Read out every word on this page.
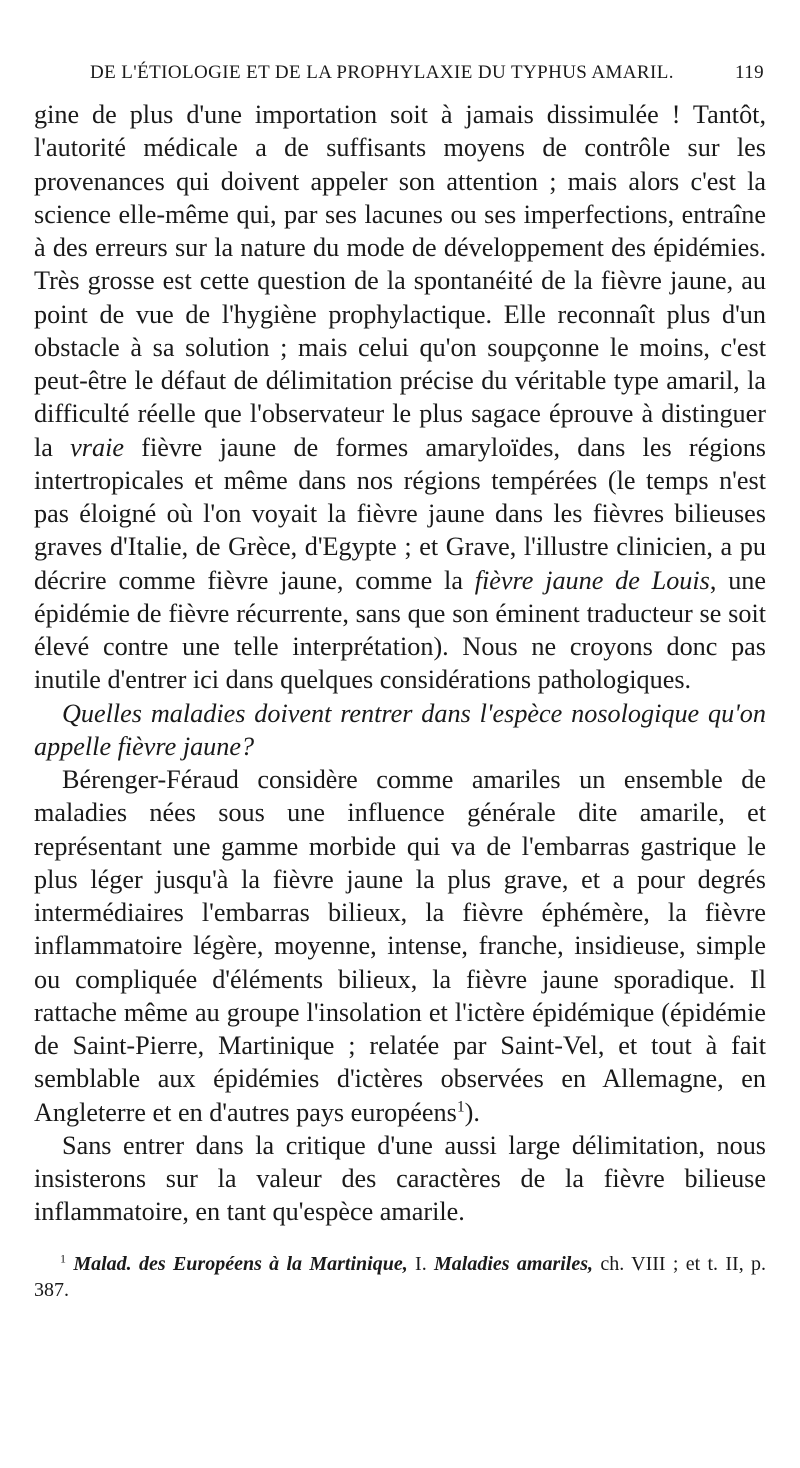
DE L'ÉTIOLOGIE ET DE LA PROPHYLAXIE DU TYPHUS AMARIL.	119

gine de plus d'une importation soit à jamais dissimulée ! Tantôt, l'autorité médicale a de suffisants moyens de contrôle sur les provenances qui doivent appeler son attention ; mais alors c'est la science elle-même qui, par ses lacunes ou ses imperfections, entraîne à des erreurs sur la nature du mode de développement des épidémies. Très grosse est cette question de la spontanéité de la fièvre jaune, au point de vue de l'hygiène prophylactique. Elle reconnaît plus d'un obstacle à sa solution ; mais celui qu'on soupçonne le moins, c'est peut-être le défaut de délimitation précise du véritable type amaril, la difficulté réelle que l'observateur le plus sagace éprouve à distinguer la vraie fièvre jaune de formes amaryloïdes, dans les régions intertropicales et même dans nos régions tempérées (le temps n'est pas éloigné où l'on voyait la fièvre jaune dans les fièvres bilieuses graves d'Italie, de Grèce, d'Egypte ; et Grave, l'illustre clinicien, a pu décrire comme fièvre jaune, comme la fièvre jaune de Louis, une épidémie de fièvre récurrente, sans que son éminent traducteur se soit élevé contre une telle interprétation). Nous ne croyons donc pas inutile d'entrer ici dans quelques considérations pathologiques.

Quelles maladies doivent rentrer dans l'espèce nosologique qu'on appelle fièvre jaune?

Bérenger-Féraud considère comme amariles un ensemble de maladies nées sous une influence générale dite amarile, et représentant une gamme morbide qui va de l'embarras gastrique le plus léger jusqu'à la fièvre jaune la plus grave, et a pour degrés intermédiaires l'embarras bilieux, la fièvre éphémère, la fièvre inflammatoire légère, moyenne, intense, franche, insidieuse, simple ou compliquée d'éléments bilieux, la fièvre jaune sporadique. Il rattache même au groupe l'insolation et l'ictère épidémique (épidémie de Saint-Pierre, Martinique ; relatée par Saint-Vel, et tout à fait semblable aux épidémies d'ictères observées en Allemagne, en Angleterre et en d'autres pays européens$^1$).

Sans entrer dans la critique d'une aussi large délimitation, nous insisterons sur la valeur des caractères de la fièvre bilieuse inflammatoire, en tant qu'espèce amarile.

$^1$ Malad. des Européens à la Martinique, I. Maladies amariles, ch. VIII ; et t. II, p. 387.
